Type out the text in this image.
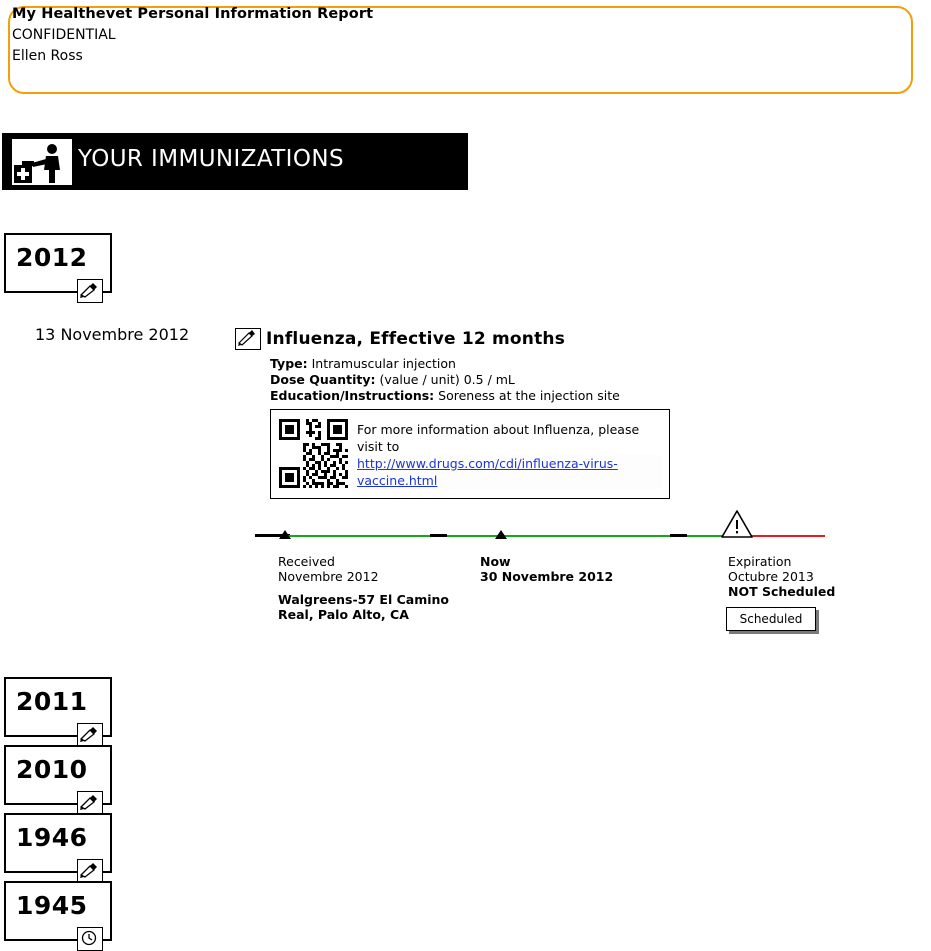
My Healthevet Personal Information Report
CONFIDENTIAL
Ellen Ross
YOUR IMMUNIZATIONS
2012
13 Novembre 2012	Influenza, Effective 12 months
Type: Intramuscular injection
Dose Quantity: (value / unit) 0.5 / mL
Education/Instructions: Soreness at the injection site
For more information about Influenza, please visit to
http://www.drugs.com/cdi/influenza-virus-vaccine.html
Received
Novembre 2012
Now
30 Novembre 2012
Expiration
Octubre 2013
NOT Scheduled
Walgreens-57 El Camino Real, Palo Alto, CA	Scheduled
2011
2010
1946
1945
